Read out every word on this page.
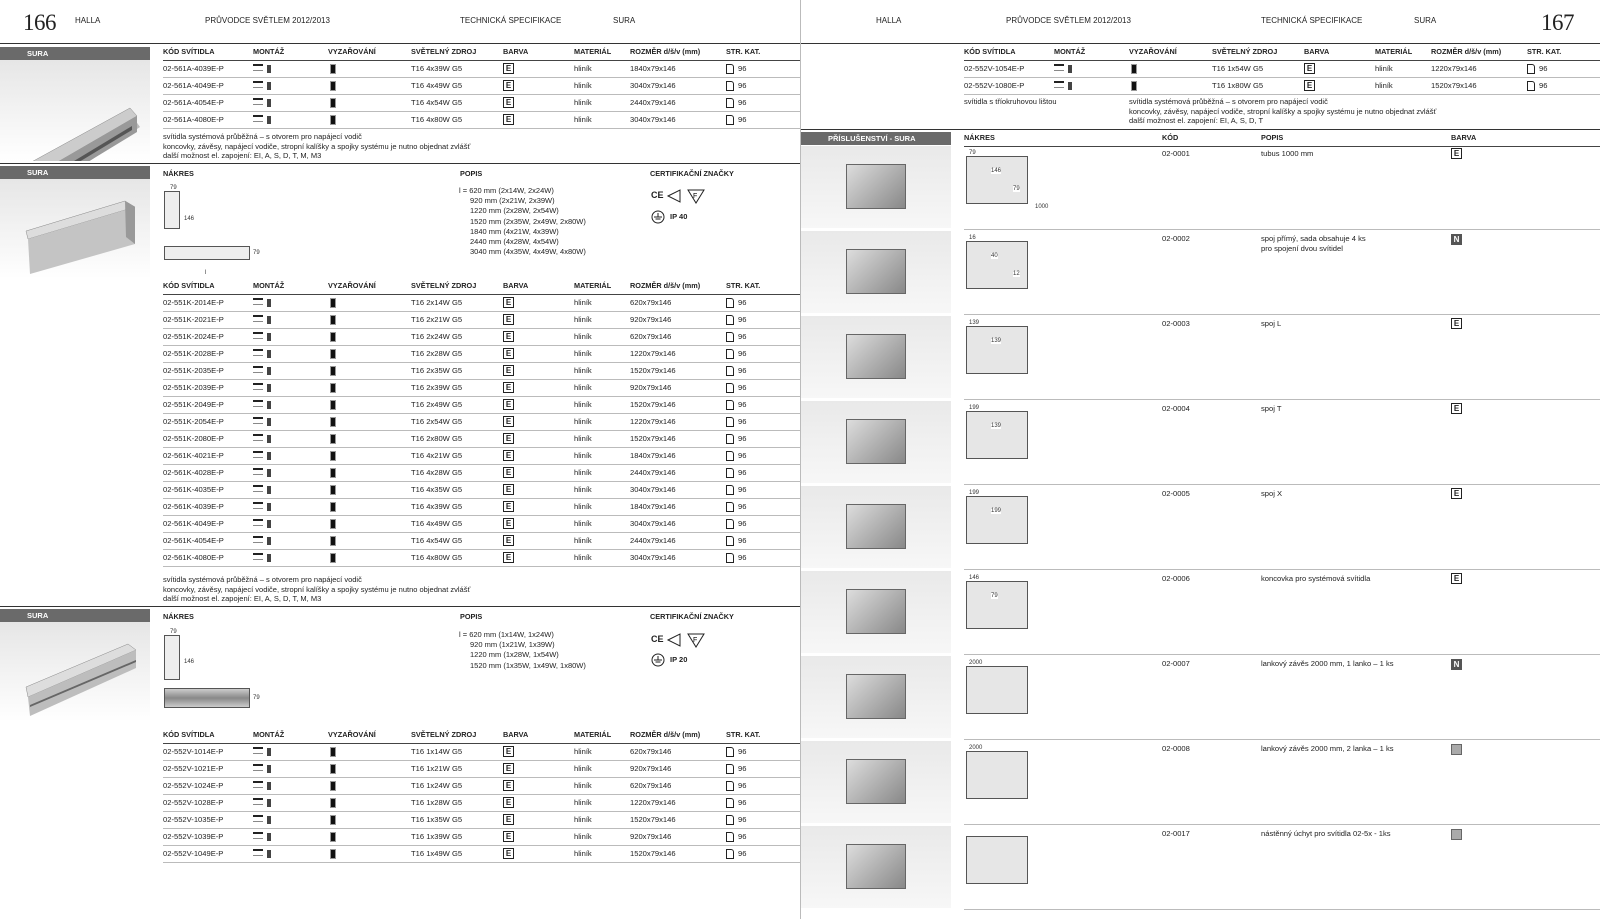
166 HALLA	PRŮVODCE SVĚTLEM 2012/2013	TECHNICKÁ SPECIFIKACE	SURA
SURA	KÓD SVÍTIDLA	MONTÁŽ	VYZAŘOVÁNÍ	SVĚTELNÝ ZDROJ	BARVA	MATERIÁL	ROZMĚR d/š/v (mm)	STR. KAT.
02-561A-4039E-P	T16 4x39W G5	E	hliník	1840x79x146	96
02-561A-4049E-P	T16 4x49W G5	E	hliník	3040x79x146	96
02-561A-4054E-P	T16 4x54W G5	E	hliník	2440x79x146	96
02-561A-4080E-P	T16 4x80W G5	E	hliník	3040x79x146	96
svítidla systémová průběžná – s otvorem pro napájecí vodič
koncovky, závěsy, napájecí vodiče, stropní kalíšky a spojky systému je nutno objednat zvlášť
další možnost el. zapojení: EI, A, S, D, T, M, M3
SURA	NÁKRES	POPIS	CERTIFIKAČNÍ ZNAČKY
79
146
79
l
l = 620 mm (2x14W, 2x24W)
920 mm (2x21W, 2x39W)
1220 mm (2x28W, 2x54W)
1520 mm (2x35W, 2x49W, 2x80W)
1840 mm (4x21W, 4x39W)
2440 mm (4x28W, 4x54W)
3040 mm (4x35W, 4x49W, 4x80W)
CE	F
IP 40
KÓD SVÍTIDLA	MONTÁŽ	VYZAŘOVÁNÍ	SVĚTELNÝ ZDROJ	BARVA	MATERIÁL	ROZMĚR d/š/v (mm)	STR. KAT.
02-551K-2014E-P	T16 2x14W G5	E	hliník	620x79x146	96
02-551K-2021E-P	T16 2x21W G5	E	hliník	920x79x146	96
02-551K-2024E-P	T16 2x24W G5	E	hliník	620x79x146	96
02-551K-2028E-P	T16 2x28W G5	E	hliník	1220x79x146	96
02-551K-2035E-P	T16 2x35W G5	E	hliník	1520x79x146	96
02-551K-2039E-P	T16 2x39W G5	E	hliník	920x79x146	96
02-551K-2049E-P	T16 2x49W G5	E	hliník	1520x79x146	96
02-551K-2054E-P	T16 2x54W G5	E	hliník	1220x79x146	96
02-551K-2080E-P	T16 2x80W G5	E	hliník	1520x79x146	96
02-561K-4021E-P	T16 4x21W G5	E	hliník	1840x79x146	96
02-561K-4028E-P	T16 4x28W G5	E	hliník	2440x79x146	96
02-561K-4035E-P	T16 4x35W G5	E	hliník	3040x79x146	96
02-561K-4039E-P	T16 4x39W G5	E	hliník	1840x79x146	96
02-561K-4049E-P	T16 4x49W G5	E	hliník	3040x79x146	96
02-561K-4054E-P	T16 4x54W G5	E	hliník	2440x79x146	96
02-561K-4080E-P	T16 4x80W G5	E	hliník	3040x79x146	96
svítidla systémová průběžná – s otvorem pro napájecí vodič
koncovky, závěsy, napájecí vodiče, stropní kalíšky a spojky systému je nutno objednat zvlášť
další možnost el. zapojení: EI, A, S, D, T, M, M3
SURA	NÁKRES	POPIS	CERTIFIKAČNÍ ZNAČKY
79
146
79
l = 620 mm (1x14W, 1x24W)
920 mm (1x21W, 1x39W)
1220 mm (1x28W, 1x54W)
1520 mm (1x35W, 1x49W, 1x80W)
CE	F
IP 20
KÓD SVÍTIDLA	MONTÁŽ	VYZAŘOVÁNÍ	SVĚTELNÝ ZDROJ	BARVA	MATERIÁL	ROZMĚR d/š/v (mm)	STR. KAT.
02-552V-1014E-P	T16 1x14W G5	E	hliník	620x79x146	96
02-552V-1021E-P	T16 1x21W G5	E	hliník	920x79x146	96
02-552V-1024E-P	T16 1x24W G5	E	hliník	620x79x146	96
02-552V-1028E-P	T16 1x28W G5	E	hliník	1220x79x146	96
02-552V-1035E-P	T16 1x35W G5	E	hliník	1520x79x146	96
02-552V-1039E-P	T16 1x39W G5	E	hliník	920x79x146	96
02-552V-1049E-P	T16 1x49W G5	E	hliník	1520x79x146	96
HALLA	PRŮVODCE SVĚTLEM 2012/2013	TECHNICKÁ SPECIFIKACE	SURA	167
KÓD SVÍTIDLA	MONTÁŽ	VYZAŘOVÁNÍ	SVĚTELNÝ ZDROJ	BARVA	MATERIÁL	ROZMĚR d/š/v (mm)	STR. KAT.
02-552V-1054E-P	T16 1x54W G5	E	hliník	1220x79x146	96
02-552V-1080E-P	T16 1x80W G5	E	hliník	1520x79x146	96
svítidla s tříokruhovou lištou	svítidla systémová průběžná – s otvorem pro napájecí vodič
koncovky, závěsy, napájecí vodiče, stropní kalíšky a spojky systému je nutno objednat zvlášť
další možnost el. zapojení: EI, A, S, D, T
PŘÍSLUŠENSTVÍ - SURA	NÁKRES	KÓD	POPIS	BARVA
79
146
79
1000
02-0001	tubus 1000 mm	E
16
40
12
02-0002	spoj přímý, sada obsahuje 4 ks
pro spojení dvou svítidel
N
139
139
02-0003	spoj L	E
199
139
02-0004	spoj T	E
199
199
02-0005	spoj X	E
146
79
02-0006	koncovka pro systémová svítidla	E
2000	02-0007	lankový závěs 2000 mm, 1 lanko – 1 ks	N
2000	02-0008	lankový závěs 2000 mm, 2 lanka – 1 ks
02-0017	nástěnný úchyt pro svítidla 02-5x - 1ks
